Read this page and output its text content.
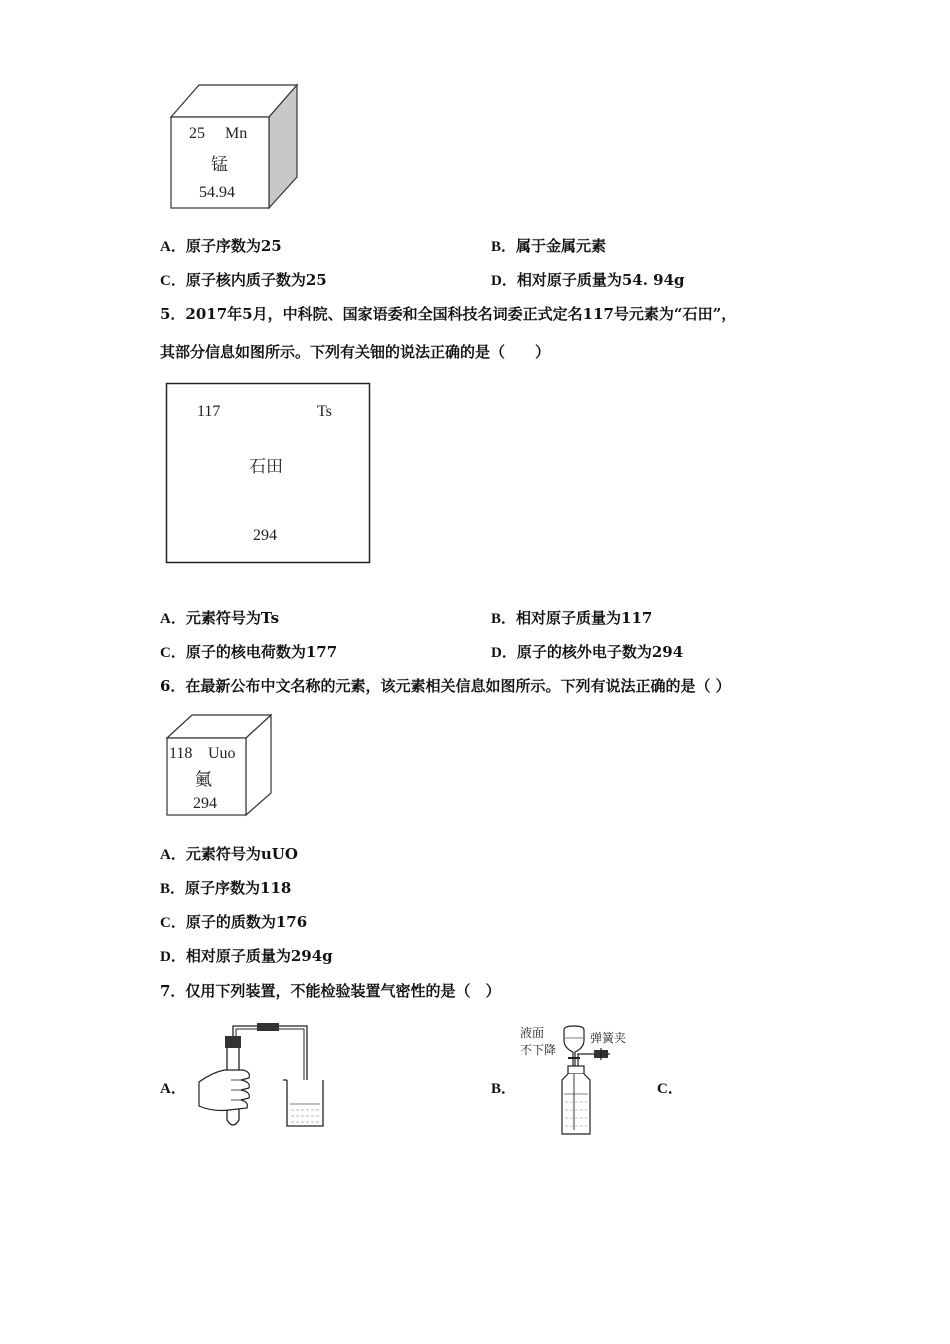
25 Mn
锰
54.94
A．原子序数为25	B．属于金属元素
C．原子核内质子数为25	D．相对原子质量为54. 94g
5．2017年5月，中科院、国家语委和全国科技名词委正式定名117号元素为“石田”，
其部分信息如图所示。下列有关钿的说法正确的是（　　）
117	Ts
石田
294
A．元素符号为Ts	B．相对原子质量为117
C．原子的核电荷数为177	D．原子的核外电子数为294
6．在最新公布中文名称的元素，该元素相关信息如图所示。下列有说法正确的是（ ）
118 Uuo
鿫
294
A．元素符号为uUO
B．原子序数为118
C．原子的质数为176
D．相对原子质量为294g
7．仅用下列装置，不能检验装置气密性的是（　）
A．	B．
液面
不下降
弹簧夹
C．
